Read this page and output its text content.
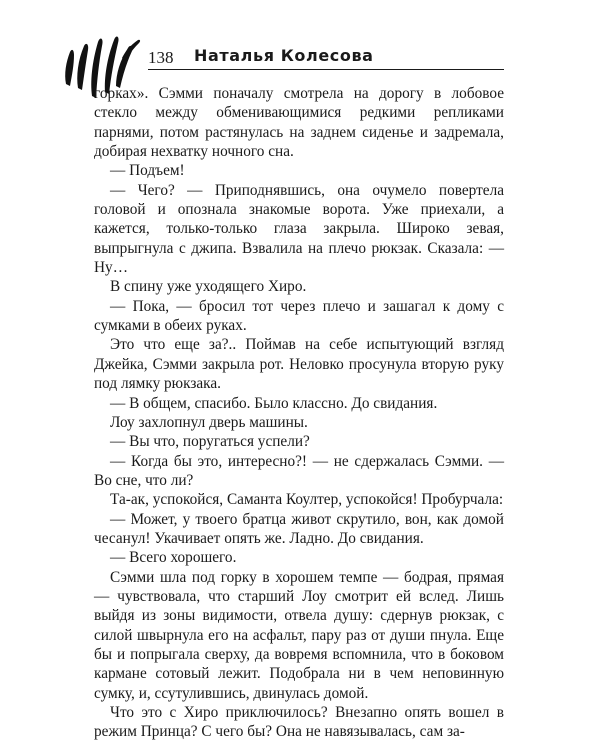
138 Наталья Колесова

горках». Сэмми поначалу смотрела на дорогу в лобовое стекло между обменивающимися редкими репликами парнями, потом растянулась на заднем сиденье и задремала, добирая нехватку ночного сна.

— Подъем!

— Чего? — Приподнявшись, она очумело повертела головой и опознала знакомые ворота. Уже приехали, а кажется, только-только глаза закрыла. Широко зевая, выпрыгнула с джипа. Взвалила на плечо рюкзак. Сказала: — Ну…

В спину уже уходящего Хиро.

— Пока, — бросил тот через плечо и зашагал к дому с сумками в обеих руках.

Это что еще за?.. Поймав на себе испытующий взгляд Джейка, Сэмми закрыла рот. Неловко просунула вторую руку под лямку рюкзака.

— В общем, спасибо. Было классно. До свидания.

Лоу захлопнул дверь машины.

— Вы что, поругаться успели?

— Когда бы это, интересно?! — не сдержалась Сэмми. — Во сне, что ли?

Та-ак, успокойся, Саманта Коултер, успокойся! Пробурчала:

— Может, у твоего братца живот скрутило, вон, как домой чесанул! Укачивает опять же. Ладно. До свидания.

— Всего хорошего.

Сэмми шла под горку в хорошем темпе — бодрая, прямая — чувствовала, что старший Лоу смотрит ей вслед. Лишь выйдя из зоны видимости, отвела душу: сдернув рюкзак, с силой швырнула его на асфальт, пару раз от души пнула. Еще бы и попрыгала сверху, да вовремя вспомнила, что в боковом кармане сотовый лежит. Подобрала ни в чем неповинную сумку, и, ссутулившись, двинулась домой.

Что это с Хиро приключилось? Внезапно опять вошел в режим Принца? С чего бы? Она не навязывалась, сам за-
